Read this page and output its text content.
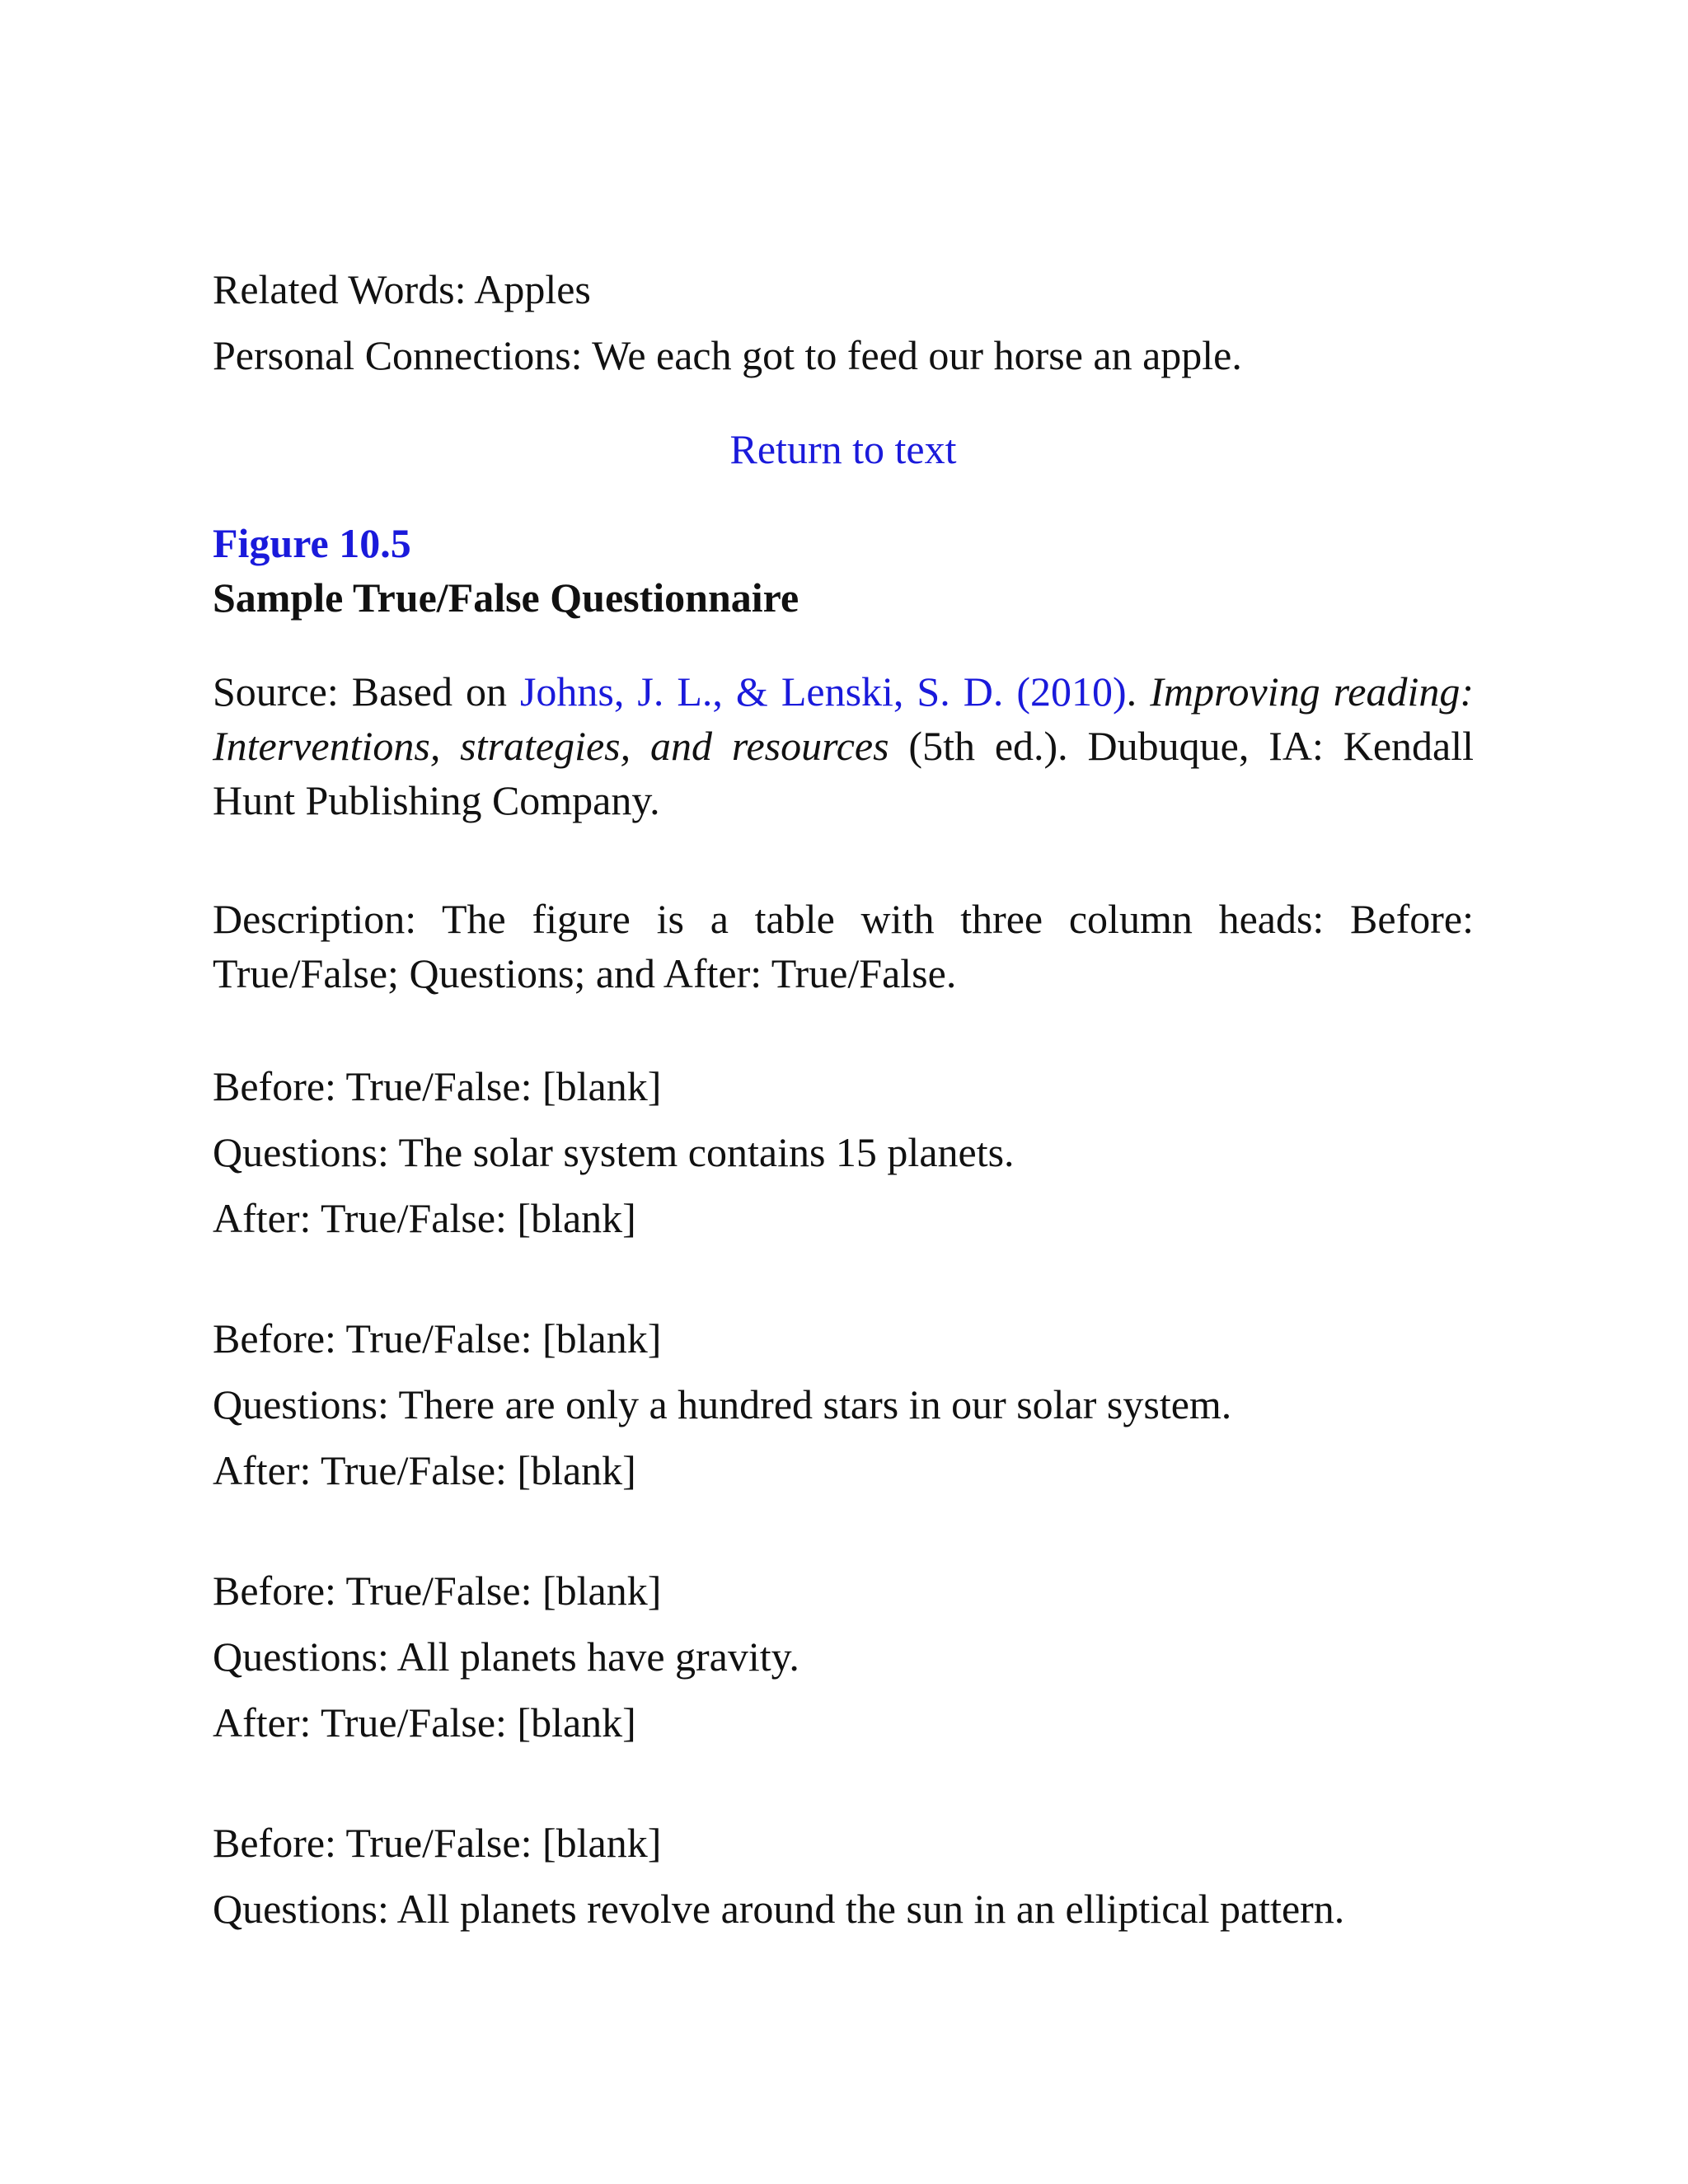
Related Words: Apples

Personal Connections: We each got to feed our horse an apple.

Return to text

Figure 10.5

Sample True/False Questionnaire

Source: Based on Johns, J. L., & Lenski, S. D. (2010). Improving reading: Interventions, strategies, and resources (5th ed.). Dubuque, IA: Kendall Hunt Publishing Company.

Description: The figure is a table with three column heads: Before: True/False; Questions; and After: True/False.

Before: True/False: [blank]

Questions: The solar system contains 15 planets.

After: True/False: [blank]

Before: True/False: [blank]

Questions: There are only a hundred stars in our solar system.

After: True/False: [blank]

Before: True/False: [blank]

Questions: All planets have gravity.

After: True/False: [blank]

Before: True/False: [blank]

Questions: All planets revolve around the sun in an elliptical pattern.
